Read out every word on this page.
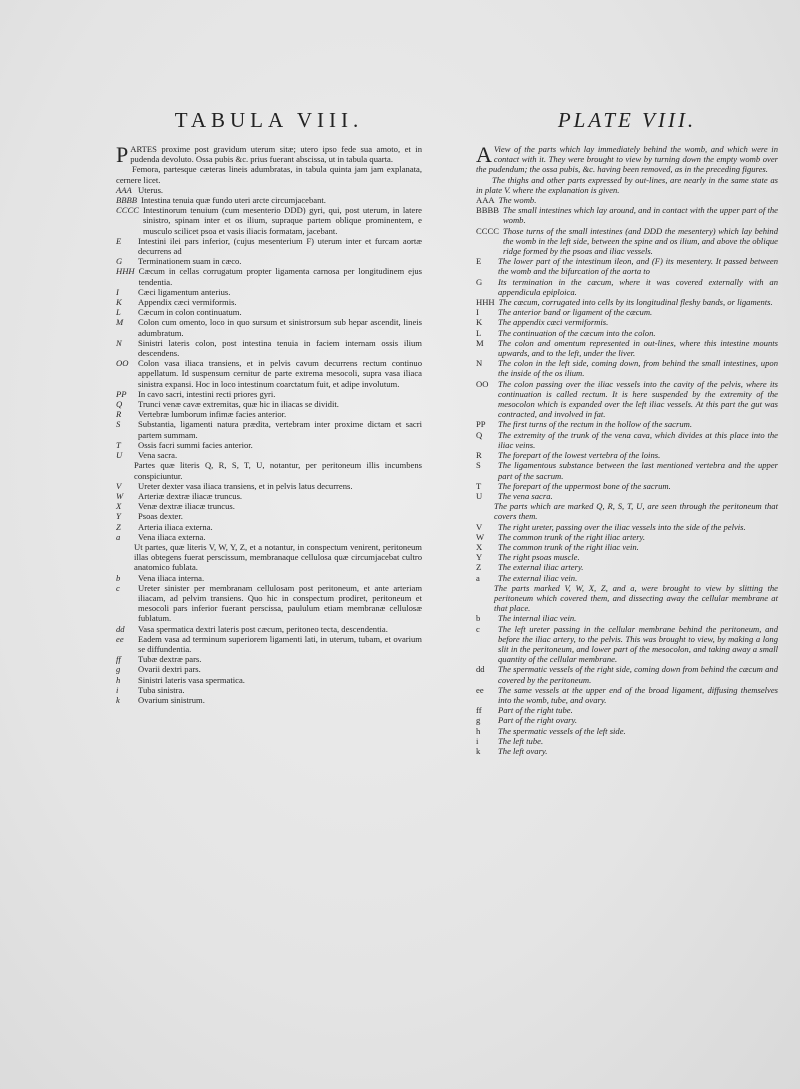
TABULA VIII.

PARTES proxime post gravidum uterum sitæ; utero ipso fede sua amoto, et in pudenda devoluto. Ossa pubis &c. prius fuerant abscissa, ut in tabula quarta.

Femora, partesque cæteras lineis adumbratas, in tabula quinta jam jam explanata, cernere licet.

AAA Uterus.
BBBB Intestina tenuia quæ fundo uteri arcte circumjacebant.
CCCC Intestinorum tenuium (cum mesenterio DDD) gyri, qui, post uterum, in latere sinistro, spinam inter et os ilium, supraque partem oblique prominentem, e musculo scilicet psoa et vasis iliacis formatam, jacebant.
E	Intestini ilei pars inferior, (cujus mesenterium F) uterum inter et furcam aortæ decurrens ad
G	Terminationem suam in cæco.
HHH Cæcum in cellas corrugatum propter ligamenta carnosa per longitudinem ejus tendentia.
I	Cæci ligamentum anterius.
K	Appendix cæci vermiformis.
L	Cæcum in colon continuatum.
M	Colon cum omento, loco in quo sursum et sinistrorsum sub hepar ascendit, lineis adumbratum.
N	Sinistri lateris colon, post intestina tenuia in faciem internam ossis ilium descendens.
OO	Colon vasa iliaca transiens, et in pelvis cavum decurrens rectum continuo appellatum. Id suspensum cernitur de parte extrema mesocoli, supra vasa iliaca sinistra expansi. Hoc in loco intestinum coarctatum fuit, et adipe involutum.
PP	In cavo sacri, intestini recti priores gyri.
Q	Trunci venæ cavæ extremitas, quæ hic in iliacas se dividit.
R	Vertebræ lumborum infimæ facies anterior.
S	Substantia, ligamenti natura prædita, vertebram inter proxime dictam et sacri partem summam.
T	Ossis facri summi facies anterior.
U	Vena sacra.
Partes quæ literis Q, R, S, T, U, notantur, per peritoneum illis incumbens conspiciuntur.
V	Ureter dexter vasa iliaca transiens, et in pelvis latus decurrens.
W	Arteriæ dextræ iliacæ truncus.
X	Venæ dextræ iliacæ truncus.
Y	Psoas dexter.
Z	Arteria iliaca externa.
a	Vena iliaca externa.
Ut partes, quæ literis V, W, Y, Z, et a notantur, in conspectum venirent, peritoneum illas obtegens fuerat perscissum, membranaque cellulosa quæ circumjacebat cultro anatomico fublata.
b	Vena iliaca interna.
c	Ureter sinister per membranam cellulosam post peritoneum, et ante arteriam iliacam, ad pelvim transiens. Quo hic in conspectum prodiret, peritoneum et mesocoli pars inferior fuerant perscissa, paululum etiam membranæ cellulosæ fublatum.
dd	Vasa spermatica dextri lateris post cæcum, peritoneo tecta, descendentia.
ee	Eadem vasa ad terminum superiorem ligamenti lati, in uterum, tubam, et ovarium se diffundentia.
ff	Tubæ dextræ pars.
g	Ovarii dextri pars.
h	Sinistri lateris vasa spermatica.
i	Tuba sinistra.
k	Ovarium sinistrum.
PLATE VIII.

A View of the parts which lay immediately behind the womb, and which were in contact with it. They were brought to view by turning down the empty womb over the pudendum; the ossa pubis, &c. having been removed, as in the preceding figures.

The thighs and other parts expressed by out-lines, are nearly in the same state as in plate V. where the explanation is given.

AAA The womb.
BBBB The small intestines which lay around, and in contact with the upper part of the womb.
CCCC Those turns of the small intestines (and DDD the mesentery) which lay behind the womb in the left side, between the spine and os ilium, and above the oblique ridge formed by the psoas and iliac vessels.
E	The lower part of the intestinum ileon, and (F) its mesentery. It passed between the womb and the bifurcation of the aorta to
G	Its termination in the cæcum, where it was covered externally with an appendicula epiploica.
HHH The cæcum, corrugated into cells by its longitudinal fleshy bands, or ligaments.
I	The anterior band or ligament of the cæcum.
K	The appendix cæci vermiformis.
L	The continuation of the cæcum into the colon.
M	The colon and omentum represented in out-lines, where this intestine mounts upwards, and to the left, under the liver.
N	The colon in the left side, coming down, from behind the small intestines, upon the inside of the os ilium.
OO	The colon passing over the iliac vessels into the cavity of the pelvis, where its continuation is called rectum. It is here suspended by the extremity of the mesocolon which is expanded over the left iliac vessels. At this part the gut was contracted, and involved in fat.
PP	The first turns of the rectum in the hollow of the sacrum.
Q	The extremity of the trunk of the vena cava, which divides at this place into the iliac veins.
R	The forepart of the lowest vertebra of the loins.
S	The ligamentous substance between the last mentioned vertebra and the upper part of the sacrum.
T	The forepart of the uppermost bone of the sacrum.
U	The vena sacra.
The parts which are marked Q, R, S, T, U, are seen through the peritoneum that covers them.
V	The right ureter, passing over the iliac vessels into the side of the pelvis.
W	The common trunk of the right iliac artery.
X	The common trunk of the right iliac vein.
Y	The right psoas muscle.
Z	The external iliac artery.
a	The external iliac vein.
The parts marked V, W, X, Z, and a, were brought to view by slitting the peritoneum which covered them, and dissecting away the cellular membrane at that place.
b	The internal iliac vein.
c	The left ureter passing in the cellular membrane behind the peritoneum, and before the iliac artery, to the pelvis. This was brought to view, by making a long slit in the peritoneum, and lower part of the mesocolon, and taking away a small quantity of the cellular membrane.
dd	The spermatic vessels of the right side, coming down from behind the cæcum and covered by the peritoneum.
ee	The same vessels at the upper end of the broad ligament, diffusing themselves into the womb, tube, and ovary.
ff	Part of the right tube.
g	Part of the right ovary.
h	The spermatic vessels of the left side.
i	The left tube.
k	The left ovary.
